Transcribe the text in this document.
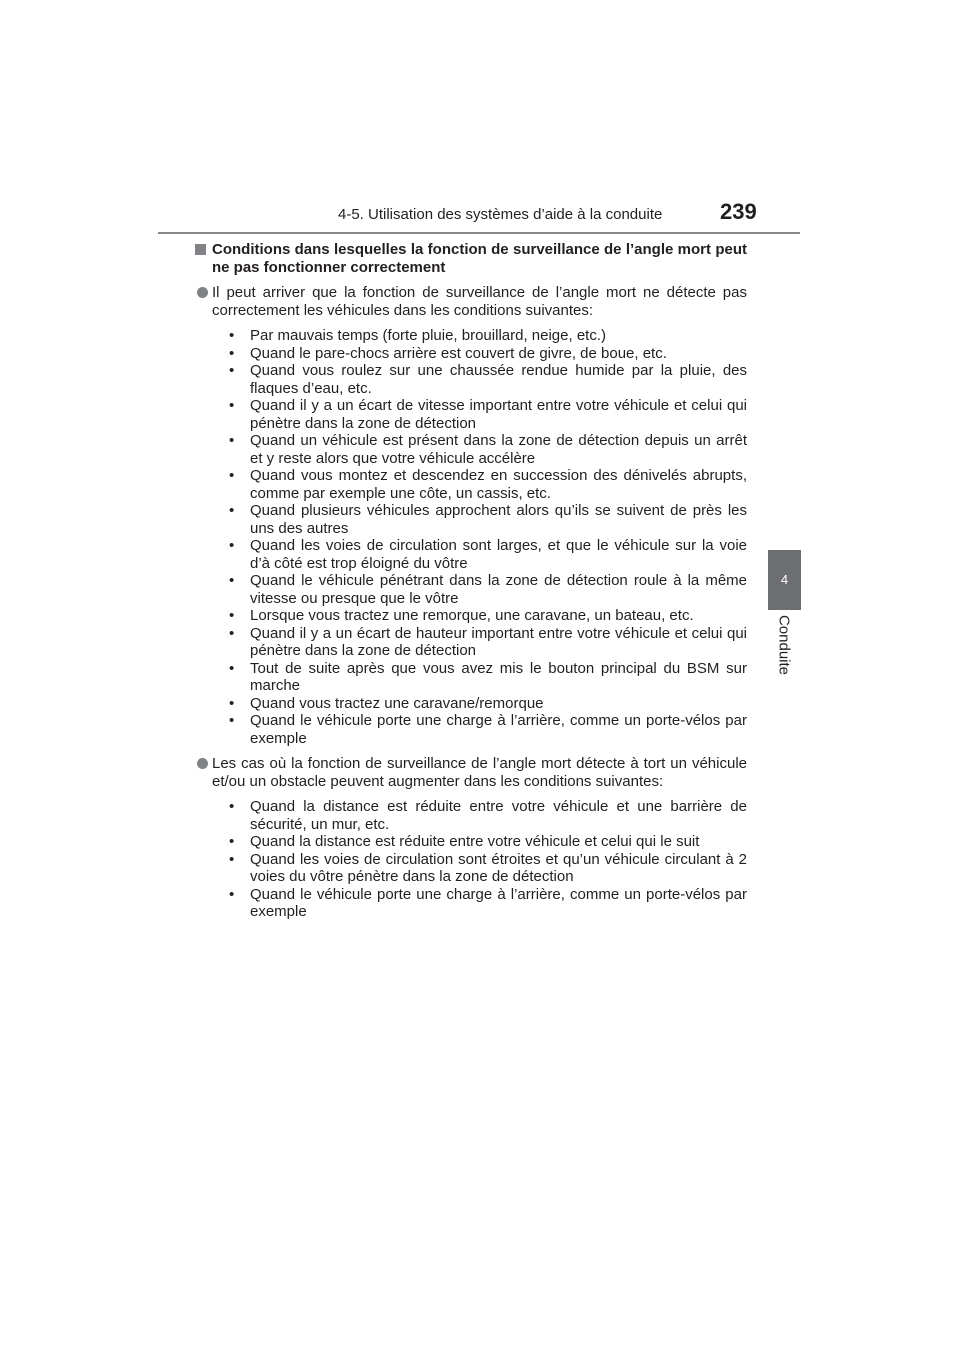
4-5. Utilisation des systèmes d’aide à la conduite	239
4
Conduite
Conditions dans lesquelles la fonction de surveillance de l’angle mort peut ne pas fonctionner correctement
Il peut arriver que la fonction de surveillance de l’angle mort ne détecte pas correctement les véhicules dans les conditions suivantes:
• Par mauvais temps (forte pluie, brouillard, neige, etc.)
• Quand le pare-chocs arrière est couvert de givre, de boue, etc.
• Quand vous roulez sur une chaussée rendue humide par la pluie, des flaques d’eau, etc.
• Quand il y a un écart de vitesse important entre votre véhicule et celui qui pénètre dans la zone de détection
• Quand un véhicule est présent dans la zone de détection depuis un arrêt et y reste alors que votre véhicule accélère
• Quand vous montez et descendez en succession des dénivelés abrupts, comme par exemple une côte, un cassis, etc.
• Quand plusieurs véhicules approchent alors qu’ils se suivent de près les uns des autres
• Quand les voies de circulation sont larges, et que le véhicule sur la voie d’à côté est trop éloigné du vôtre
• Quand le véhicule pénétrant dans la zone de détection roule à la même vitesse ou presque que le vôtre
• Lorsque vous tractez une remorque, une caravane, un bateau, etc.
• Quand il y a un écart de hauteur important entre votre véhicule et celui qui pénètre dans la zone de détection
• Tout de suite après que vous avez mis le bouton principal du BSM sur marche
• Quand vous tractez une caravane/remorque
• Quand le véhicule porte une charge à l’arrière, comme un porte-vélos par exemple
Les cas où la fonction de surveillance de l’angle mort détecte à tort un véhicule et/ou un obstacle peuvent augmenter dans les conditions suivantes:
• Quand la distance est réduite entre votre véhicule et une barrière de sécurité, un mur, etc.
• Quand la distance est réduite entre votre véhicule et celui qui le suit
• Quand les voies de circulation sont étroites et qu’un véhicule circulant à 2 voies du vôtre pénètre dans la zone de détection
• Quand le véhicule porte une charge à l’arrière, comme un porte-vélos par exemple
